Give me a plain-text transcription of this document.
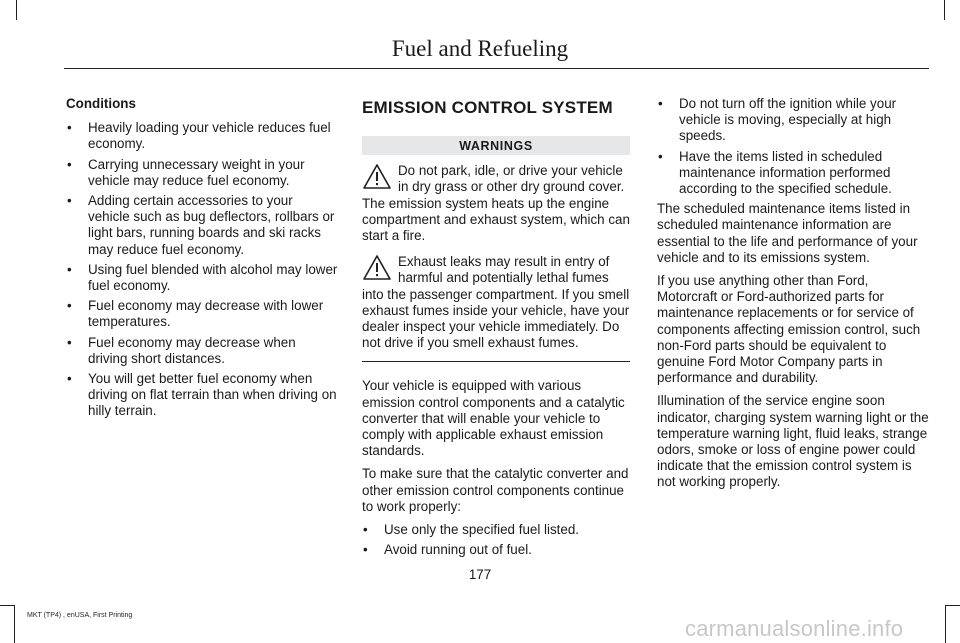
Fuel and Refueling
Conditions
• Heavily loading your vehicle reduces fuel economy.
• Carrying unnecessary weight in your vehicle may reduce fuel economy.
• Adding certain accessories to your vehicle such as bug deflectors, rollbars or light bars, running boards and ski racks may reduce fuel economy.
• Using fuel blended with alcohol may lower fuel economy.
• Fuel economy may decrease with lower temperatures.
• Fuel economy may decrease when driving short distances.
• You will get better fuel economy when driving on flat terrain than when driving on hilly terrain.
EMISSION CONTROL SYSTEM
WARNINGS

Do not park, idle, or drive your vehicle in dry grass or other dry ground cover. The emission system heats up the engine compartment and exhaust system, which can start a fire.

Exhaust leaks may result in entry of harmful and potentially lethal fumes into the passenger compartment. If you smell exhaust fumes inside your vehicle, have your dealer inspect your vehicle immediately. Do not drive if you smell exhaust fumes.

Your vehicle is equipped with various emission control components and a catalytic converter that will enable your vehicle to comply with applicable exhaust emission standards.

To make sure that the catalytic converter and other emission control components continue to work properly:

• Use only the specified fuel listed.
• Avoid running out of fuel.
• Do not turn off the ignition while your vehicle is moving, especially at high speeds.
• Have the items listed in scheduled maintenance information performed according to the specified schedule.

The scheduled maintenance items listed in scheduled maintenance information are essential to the life and performance of your vehicle and to its emissions system.

If you use anything other than Ford, Motorcraft or Ford-authorized parts for maintenance replacements or for service of components affecting emission control, such non-Ford parts should be equivalent to genuine Ford Motor Company parts in performance and durability.

Illumination of the service engine soon indicator, charging system warning light or the temperature warning light, fluid leaks, strange odors, smoke or loss of engine power could indicate that the emission control system is not working properly.

177
MKT (TP4) , enUSA, First Printing
carmanualsonline.info
